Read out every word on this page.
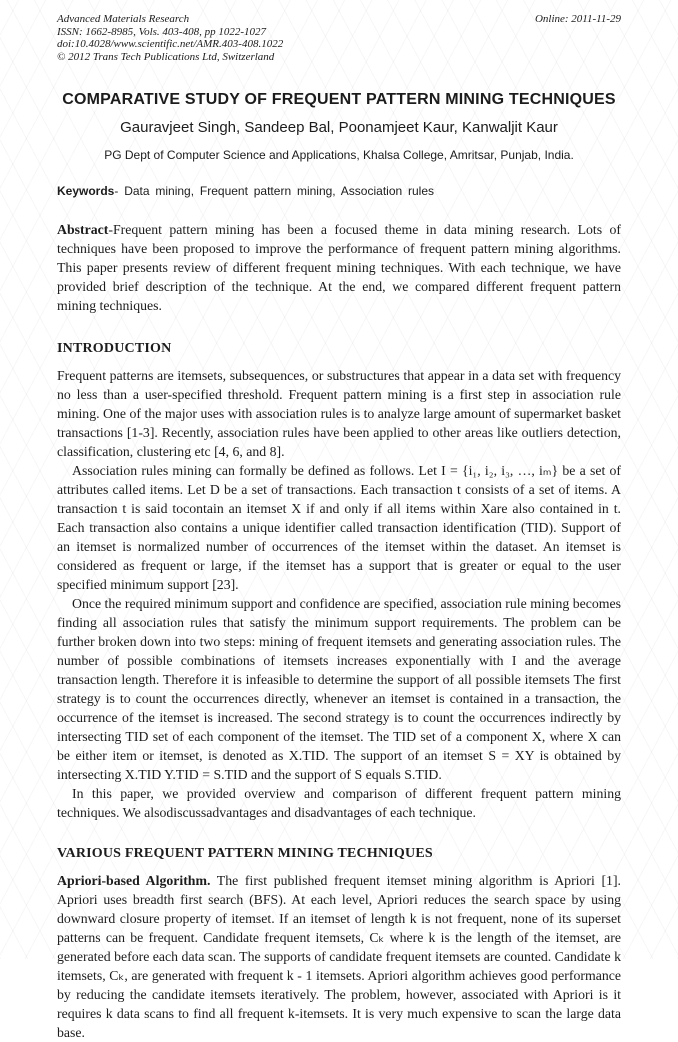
Advanced Materials Research
ISSN: 1662-8985, Vols. 403-408, pp 1022-1027
doi:10.4028/www.scientific.net/AMR.403-408.1022
© 2012 Trans Tech Publications Ltd, Switzerland
Online: 2011-11-29
COMPARATIVE STUDY OF FREQUENT PATTERN MINING TECHNIQUES
Gauravjeet Singh, Sandeep Bal, Poonamjeet Kaur, Kanwaljit Kaur
PG Dept of Computer Science and Applications, Khalsa College, Amritsar, Punjab, India.

Keywords- Data mining, Frequent pattern mining, Association rules

Abstract-Frequent pattern mining has been a focused theme in data mining research. Lots of techniques have been proposed to improve the performance of frequent pattern mining algorithms. This paper presents review of different frequent mining techniques. With each technique, we have provided brief description of the technique. At the end, we compared different frequent pattern mining techniques.

INTRODUCTION

Frequent patterns are itemsets, subsequences, or substructures that appear in a data set with frequency no less than a user-specified threshold. Frequent pattern mining is a first step in association rule mining. One of the major uses with association rules is to analyze large amount of supermarket basket transactions [1-3]. Recently, association rules have been applied to other areas like outliers detection, classification, clustering etc [4, 6, and 8].

Association rules mining can formally be defined as follows. Let I = {i₁, i₂, i₃, …, iₘ} be a set of attributes called items. Let D be a set of transactions. Each transaction t consists of a set of items. A transaction t is said tocontain an itemset X if and only if all items within Xare also contained in t. Each transaction also contains a unique identifier called transaction identification (TID). Support of an itemset is normalized number of occurrences of the itemset within the dataset. An itemset is considered as frequent or large, if the itemset has a support that is greater or equal to the user specified minimum support [23].

Once the required minimum support and confidence are specified, association rule mining becomes finding all association rules that satisfy the minimum support requirements. The problem can be further broken down into two steps: mining of frequent itemsets and generating association rules. The number of possible combinations of itemsets increases exponentially with I and the average transaction length. Therefore it is infeasible to determine the support of all possible itemsets The first strategy is to count the occurrences directly, whenever an itemset is contained in a transaction, the occurrence of the itemset is increased. The second strategy is to count the occurrences indirectly by intersecting TID set of each component of the itemset. The TID set of a component X, where X can be either item or itemset, is denoted as X.TID. The support of an itemset S = XY is obtained by intersecting X.TID Y.TID = S.TID and the support of S equals S.TID.

In this paper, we provided overview and comparison of different frequent pattern mining techniques. We alsodiscussadvantages and disadvantages of each technique.

VARIOUS FREQUENT PATTERN MINING TECHNIQUES

Apriori-based Algorithm. The first published frequent itemset mining algorithm is Apriori [1]. Apriori uses breadth first search (BFS). At each level, Apriori reduces the search space by using downward closure property of itemset. If an itemset of length k is not frequent, none of its superset patterns can be frequent. Candidate frequent itemsets, Cₖ where k is the length of the itemset, are generated before each data scan. The supports of candidate frequent itemsets are counted. Candidate k itemsets, Cₖ, are generated with frequent k - 1 itemsets. Apriori algorithm achieves good performance by reducing the candidate itemsets iteratively. The problem, however, associated with Apriori is it requires k data scans to find all frequent k-itemsets. It is very much expensive to scan the large data base.
